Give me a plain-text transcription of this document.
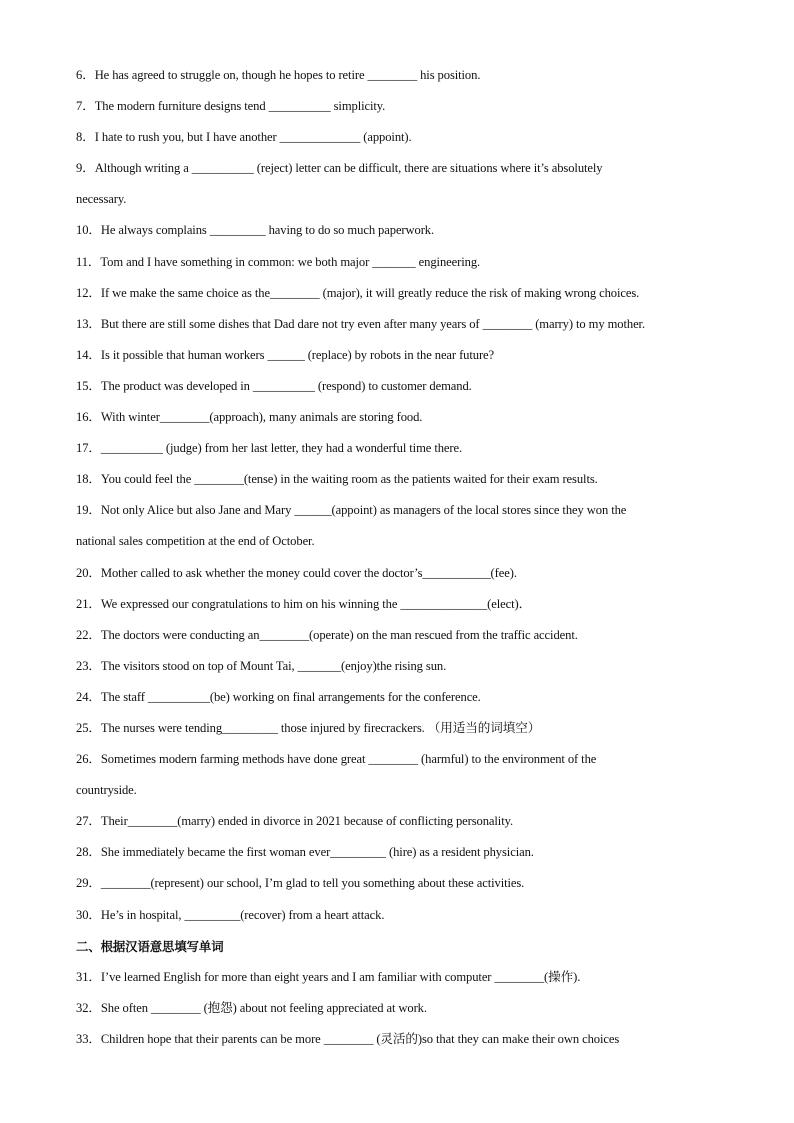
6．He has agreed to struggle on, though he hopes to retire ________ his position.
7．The modern furniture designs tend __________ simplicity.
8．I hate to rush you, but I have another _____________ (appoint).
9．Although writing a __________ (reject) letter can be difficult, there are situations where it’s absolutely
necessary.
10．He always complains _________ having to do so much paperwork.
11．Tom and I have something in common: we both major _______ engineering.
12．If we make the same choice as the________ (major), it will greatly reduce the risk of making wrong choices.
13．But there are still some dishes that Dad dare not try even after many years of ________ (marry) to my mother.
14．Is it possible that human workers ______ (replace) by robots in the near future?
15．The product was developed in __________ (respond) to customer demand.
16．With winter________(approach), many animals are storing food.
17．__________ (judge) from her last letter, they had a wonderful time there.
18．You could feel the ________(tense) in the waiting room as the patients waited for their exam results.
19．Not only Alice but also Jane and Mary ______(appoint) as managers of the local stores since they won the
national sales competition at the end of October.
20．Mother called to ask whether the money could cover the doctor’s___________(fee).
21．We expressed our congratulations to him on his winning the ______________(elect)．
22．The doctors were conducting an________(operate) on the man rescued from the traffic accident.
23．The visitors stood on top of Mount Tai, _______(enjoy)the rising sun.
24．The staff __________(be) working on final arrangements for the conference.
25．The nurses were tending_________ those injured by firecrackers. （用适当的词填空）
26．Sometimes modern farming methods have done great ________ (harmful) to the environment of the
countryside.
27．Their________(marry) ended in divorce in 2021 because of conflicting personality.
28．She immediately became the first woman ever_________ (hire) as a resident physician.
29．________(represent) our school, I’m glad to tell you something about these activities.
30．He’s in hospital, _________(recover) from a heart attack.
二、根据汉语意思填写单词
31．I’ve learned English for more than eight years and I am familiar with computer ________(操作).
32．She often ________ (抱怨) about not feeling appreciated at work.
33．Children hope that their parents can be more ________ (灵活的)so that they can make their own choices
